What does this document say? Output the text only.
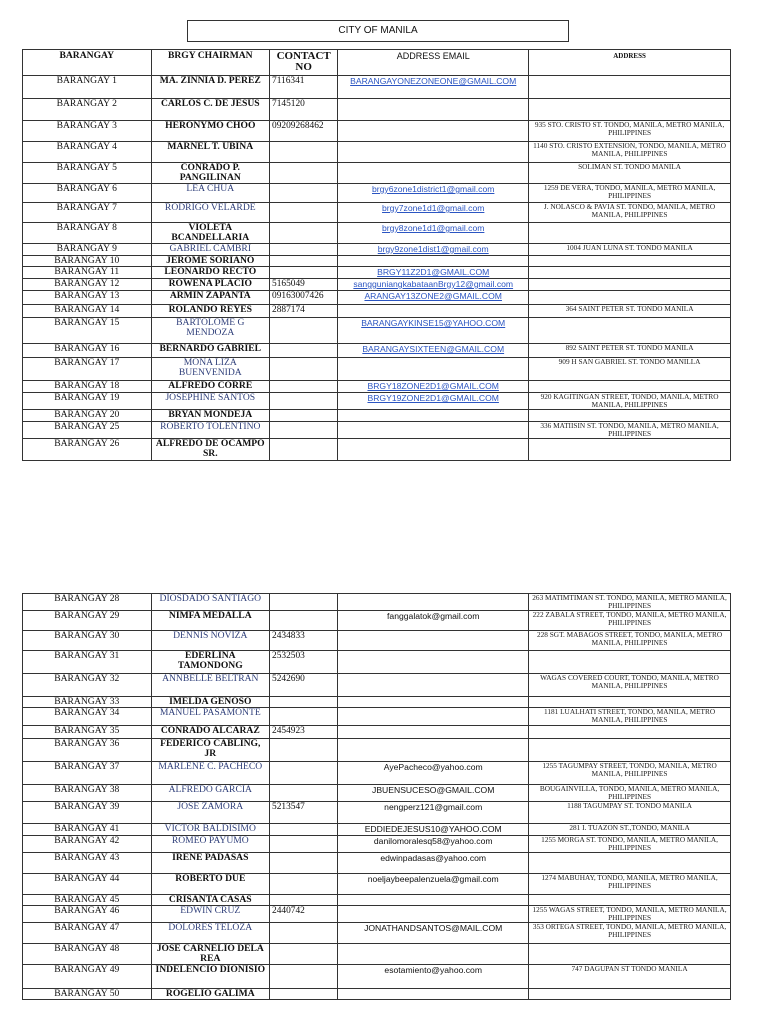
CITY OF MANILA
BARANGAY	BRGY CHAIRMAN	CONTACT NO	ADDRESS EMAIL	ADDRESS
BARANGAY 1	MA. ZINNIA D. PEREZ	7116341	BARANGAYONEZONEONE@GMAIL.COM	
BARANGAY 2	CARLOS C. DE JESUS	7145120		
BARANGAY 3	HERONYMO CHOO	09209268462		935 STO. CRISTO ST. TONDO, MANILA, METRO MANILA, PHILIPPINES
BARANGAY 4	MARNEL T. UBINA			1140 STO. CRISTO EXTENSION, TONDO, MANILA, METRO MANILA, PHILIPPINES
BARANGAY 5	CONRADO P. PANGILINAN			SOLIMAN ST. TONDO MANILA
BARANGAY 6	LEA CHUA		brgy6zone1district1@gmail.com	1259 DE VERA, TONDO, MANILA, METRO MANILA, PHILIPPINES
BARANGAY 7	RODRIGO VELARDE		brgy7zone1d1@gmail.com	J. NOLASCO & PAVIA ST. TONDO, MANILA, METRO MANILA, PHILIPPINES
BARANGAY 8	VIOLETA BCANDELLARIA		brgy8zone1d1@gmail.com	
BARANGAY 9	GABRIEL CAMBRI		brgy9zone1dist1@gmail.com	1004 JUAN LUNA ST. TONDO MANILA
BARANGAY 10	JEROME SORIANO			
BARANGAY 11	LEONARDO RECTO		BRGY11Z2D1@GMAIL.COM	
BARANGAY 12	ROWENA PLACIO	5165049	sangguniangkabataanBrgy12@gmail.com	
BARANGAY 13	ARMIN ZAPANTA	09163007426	ARANGAY13ZONE2@GMAIL.COM	
BARANGAY 14	ROLANDO REYES	2887174		364 SAINT PETER ST. TONDO MANILA
BARANGAY 15	BARTOLOME G MENDOZA		BARANGAYKINSE15@YAHOO.COM	
BARANGAY 16	BERNARDO GABRIEL		BARANGAYSIXTEEN@GMAIL.COM	892 SAINT PETER ST. TONDO MANILA
BARANGAY 17	MONA LIZA BUENVENIDA			909 H SAN GABRIEL ST. TONDO MANILLA
BARANGAY 18	ALFREDO CORRE		BRGY18ZONE2D1@GMAIL.COM	
BARANGAY 19	JOSEPHINE SANTOS		BRGY19ZONE2D1@GMAIL.COM	920 KAGITINGAN STREET, TONDO, MANILA, METRO MANILA, PHILIPPINES
BARANGAY 20	BRYAN MONDEJA			
BARANGAY 25	ROBERTO TOLENTINO			336 MATIISIN ST. TONDO, MANILA, METRO MANILA, PHILIPPINES
BARANGAY 26	ALFREDO DE OCAMPO SR.			
BARANGAY 28	DIOSDADO SANTIAGO			263 MATIMTIMAN ST. TONDO, MANILA, METRO MANILA, PHILIPPINES
BARANGAY 29	NIMFA MEDALLA		fanggalatok@gmail.com	222 ZABALA STREET, TONDO, MANILA, METRO MANILA, PHILIPPINES
BARANGAY 30	DENNIS NOVIZA	2434833		228 SGT. MABAGOS STREET, TONDO, MANILA, METRO MANILA, PHILIPPINES
BARANGAY 31	EDERLINA TAMONDONG	2532503		
BARANGAY 32	ANNBELLE BELTRAN	5242690		WAGAS COVERED COURT, TONDO, MANILA, METRO MANILA, PHILIPPINES
BARANGAY 33	IMELDA GENOSO			
BARANGAY 34	MANUEL PASAMONTE			1181 LUALHATI STREET, TONDO, MANILA, METRO MANILA, PHILIPPINES
BARANGAY 35	CONRADO ALCARAZ	2454923		
BARANGAY 36	FEDERICO CABLING, JR			
BARANGAY 37	MARLENE C. PACHECO		AyePacheco@yahoo.com	1255 TAGUMPAY STREET, TONDO, MANILA, METRO MANILA, PHILIPPINES
BARANGAY 38	ALFREDO GARCIA		JBUENSUCESO@GMAIL.COM	BOUGAINVILLA, TONDO, MANILA, METRO MANILA, PHILIPPINES
BARANGAY 39	JOSE ZAMORA	5213547	nengperz121@gmail.com	1188 TAGUMPAY ST. TONDO MANILA
BARANGAY 41	VICTOR BALDISIMO		EDDIEDEJESUS10@YAHOO.COM	281 I. TUAZON ST.,TONDO, MANILA
BARANGAY 42	ROMEO PAYUMO		danilomoralesq58@yahoo.com	1255 MORGA ST. TONDO, MANILA, METRO MANILA, PHILIPPINES
BARANGAY 43	IRENE PADASAS		edwinpadasas@yahoo.com	
BARANGAY 44	ROBERTO DUE		noeljaybeepalenzuela@gmail.com	1274 MABUHAY, TONDO, MANILA, METRO MANILA, PHILIPPINES
BARANGAY 45	CRISANTA CASAS			
BARANGAY 46	EDWIN CRUZ	2440742		1255 WAGAS STREET, TONDO, MANILA, METRO MANILA, PHILIPPINES
BARANGAY 47	DOLORES TELOZA		JONATHANDSANTOS@MAIL.COM	353 ORTEGA STREET, TONDO, MANILA, METRO MANILA, PHILIPPINES
BARANGAY 48	JOSE CARNELIO DELA REA			
BARANGAY 49	INDELENCIO DIONISIO		esotamiento@yahoo.com	747 DAGUPAN ST TONDO MANILA
BARANGAY 50	ROGELIO GALIMA			
